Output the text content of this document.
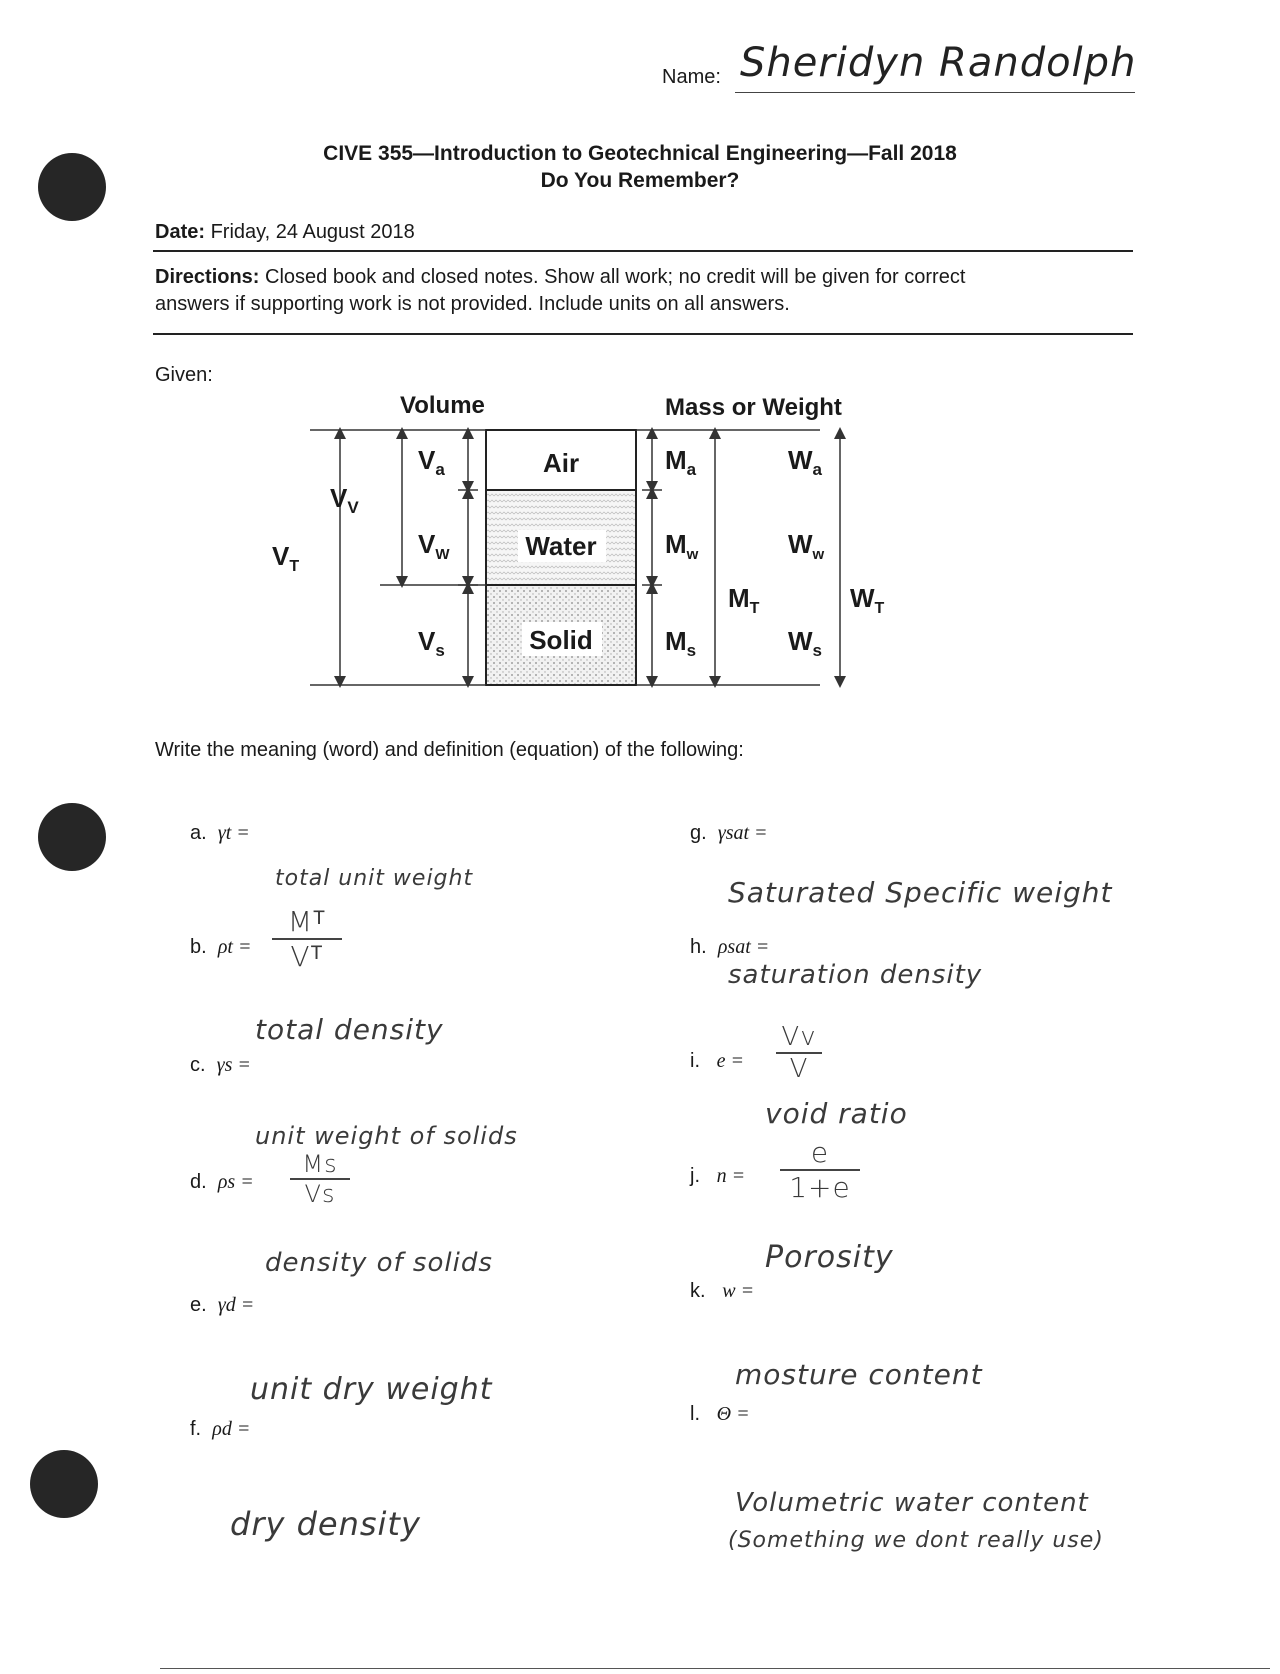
Name: Sheridyn Randolph
CIVE 355—Introduction to Geotechnical Engineering—Fall 2018
Do You Remember?
Date: Friday, 24 August 2018
Directions: Closed book and closed notes. Show all work; no credit will be given for correct
answers if supporting work is not provided. Include units on all answers.
Given:
Volume	Mass or Weight
Air
Water
Solid
$V_a$
$V_V$
$V_W$
$V_T$
$V_s$
$M_a$
$M_w$
$M_s$
$M_T$
$W_a$
$W_w$
$W_s$
$W_T$
Write the meaning (word) and definition (equation) of the following:
a. γt =
total unit weight
b. ρt =
Mᵀ
Vᵀ
total density
c. γs =
unit weight of solids
d. ρs =
Ms
Vs
density of solids
e. γd =
unit dry weight
f. ρd =
dry density
g. γsat =
Saturated Specific weight
h. ρsat =
saturation density
i. e =
Vv
V
void ratio
j. n =
e
1+e
Porosity
k. w =
mosture content
l. Θ =
Volumetric water content
(Something we dont really use)
